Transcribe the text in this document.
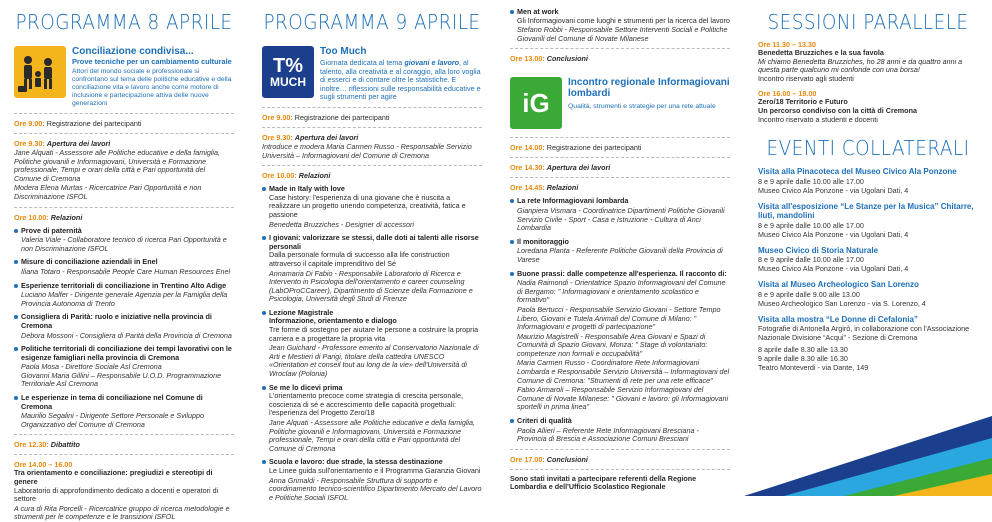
PROGRAMMA 8 APRILE
Conciliazione condivisa...
Prove tecniche per un cambiamento culturale
Attori del mondo sociale e professionale si confrontano sul tema delle politiche educative e della conciliazione vita e lavoro anche come motore di inclusione e partecipazione attiva delle nuove generazioni
Ore 9.00: Registrazione dei partecipanti
Ore 9.30: Apertura dei lavori
Jane Alquati - Assessore alle Politiche educative e della famiglia, Politiche giovanili e Informagiovani, Università e Formazione professionale, Tempi e orari della città e Pari opportunità del Comune di Cremona
Modera Elena Murtas - Ricercatrice Pari Opportunità e non Discriminazione ISFOL
Ore 10.00: Relazioni
Prove di paternità
Valeria Viale - Collaboratore tecnico di ricerca Pari Opportunità e non Discriminazione ISFOL
Misure di conciliazione aziendali in Enel
Iliana Totaro - Responsabile People Care Human Resources Enel
Esperienze territoriali di conciliazione in Trentino Alto Adige
Luciano Malfer - Dirigente generale Agenzia per la Famiglia della Provincia Autonoma di Trento
Consigliera di Parità: ruolo e iniziative nella provincia di Cremona
Debora Mossoni - Consigliera di Parità della Provincia di Cremona
Politiche territoriali di conciliazione dei tempi lavorativi con le esigenze famigliari nella provincia di Cremona
Paola Mosa - Direttore Sociale Asl Cremona
Giovanni Maria Gillini – Responsabile U.O.D. Programmazione Territoriale Asl Cremona
Le esperienze in tema di conciliazione nel Comune di Cremona
Maurilio Segalini - Dirigente Settore Personale e Sviluppo Organizzativo del Comune di Cremona
Ore 12.30: Dibattito
Ore 14.00 – 16.00
Tra orientamento e conciliazione: pregiudizi e stereotipi di genere
Laboratorio di approfondimento dedicato a docenti e operatori di settore
A cura di Rita Porcelli - Ricercatrice gruppo di ricerca metodologie e strumenti per le competenze e le transizioni ISFOL
PROGRAMMA 9 APRILE
T%
MUCH
Too Much
Giornata dedicata al tema giovani e lavoro, al talento, alla creatività e al coraggio, alla loro voglia di esserci e di contare oltre le statistiche. E inoltre… riflessioni sulle responsabilità educative e sugli strumenti per agire
Ore 9.00: Registrazione dei partecipanti
Ore 9.30: Apertura dei lavori
Introduce e modera Maria Carmen Russo - Responsabile Servizio Università – Informagiovani del Comune di Cremona
Ore 10.00: Relazioni
Made in Italy with love
Case history: l'esperienza di una giovane che è riuscita a realizzare un progetto unendo competenza, creatività, fatica e passione
Benedetta Bruzziches - Designer di accessori
I giovani: valorizzare se stessi, dalle doti ai talenti alle risorse personali
Dalla personale formula di successo alla life construction attraverso il capitale imprenditivo del Sé
Annamaria Di Fabio - Responsabile Laboratorio di Ricerca e Intervento in Psicologia dell'orientamento e career counseling (LabOProCCareer), Dipartimento di Scienze della Formazione e Psicologia, Università degli Studi di Firenze
Lezione Magistrale
Informazione, orientamento e dialogo
Tre forme di sostegno per aiutare le persone a costruire la propria carriera e a progettare la propria vita
Jean Guichard - Professore emerito al Conservatorio Nazionale di Arti e Mestieri di Parigi, titolare della cattedra UNESCO «Orientation et conseil tout au long de la vie» dell'Università di Wroclaw (Polonia)
Se me lo dicevi prima
L'orientamento precoce come strategia di crescita personale, coscienza di sé e accrescimento delle capacità progettuali: l'esperienza del Progetto Zero/18
Jane Alquati - Assessore alle Politiche educative e della famiglia, Politiche giovanili e Informagiovani, Università e Formazione professionale, Tempi e orari della città e Pari opportunità del Comune di Cremona
Scuola e lavoro: due strade, la stessa destinazione
Le Linee guida sull'orientamento e il Programma Garanzia Giovani
Anna Grimaldi - Responsabile Struttura di supporto e coordinamento tecnico-scientifico Dipartimento Mercato del Lavoro e Politiche Sociali ISFOL
Men at work
Gli Informagiovani come luoghi e strumenti per la ricerca del lavoro
Stefano Robbi - Responsabile Settore Interventi Sociali e Politiche Giovanili del Comune di Novate Milanese
Ore 13.00: Conclusioni
iG
Incontro regionale Informagiovani lombardi
Qualità, strumenti e strategie per una rete attuale
Ore 14.00: Registrazione dei partecipanti
Ore 14.30: Apertura dei lavori
Ore 14.45: Relazioni
La rete Informagiovani lombarda
Gianpiera Vismara - Coordinatrice Dipartimenti Politiche Giovanili Servizio Civile - Sport - Casa e Istruzione - Cultura di Anci Lombardia
Il monitoraggio
Loredana Planta - Referente Politiche Giovanili della Provincia di Varese
Buone prassi: dalle competenze all'esperienza. Il racconto di:
Nadia Raimondi - Orientatrice Spazio Informagiovani del Comune di Bergamo: " Informagiovani e orientamento scolastico e formativo"
Paola Bertucci - Responsabile Servizio Giovani - Settore Tempo Libero, Giovani e Tutela Animali del Comune di Milano: " Informagiovani e progetti di partecipazione"
Maurizio Magistrelli - Responsabile Area Giovani e Spazi di Comunità di Spazio Giovani, Monza: " Stage di volontariato: competenze non formali e occupabilità"
Maria Carmen Russo - Coordinatore Rete Informagiovani Lombarda e Responsabile Servizio Università – Informagiovani del Comune di Cremona: "Strumenti di rete per una rete efficace"
Fabio Armaroli – Responsabile Servizio Informagiovani del Comune di Novate Milanese: " Giovani e lavoro: gli Informagiovani sportelli in prima linea"
Criteri di qualità
Paola Allieri – Referente Rete Informagiovani Bresciana - Provincia di Brescia e Associazione Comuni Bresciani
Ore 17.00: Conclusioni
Sono stati invitati a partecipare referenti della Regione Lombardia e dell'Ufficio Scolastico Regionale
SESSIONI PARALLELE
Ore 11.30 – 13.30
Benedetta Bruzziches e la sua favola
Mi chiamo Benedetta Bruzziches, ho 28 anni e da quattro anni a questa parte qualcuno mi confonde con una borsa!
Incontro riservato agli studenti
Ore 16.00 – 18.00
Zero/18 Territorio e Futuro
Un percorso condiviso con la città di Cremona
Incontro riservato a studenti e docenti
EVENTI COLLATERALI
Visita alla Pinacoteca del Museo Civico Ala Ponzone
8 e 9 aprile dalle 10.00 alle 17.00
Museo Civico Ala Ponzone - via Ugolani Dati, 4
Visita all'esposizione “Le Stanze per la Musica” Chitarre, liuti, mandolini
8 e 9 aprile dalle 10.00 alle 17.00
Museo Civico Ala Ponzone - via Ugolani Dati, 4
Museo Civico di Storia Naturale
8 e 9 aprile dalle 10.00 alle 17.00
Museo Civico Ala Ponzone - via Ugolani Dati, 4
Visita al Museo Archeologico San Lorenzo
8 e 9 aprile dalle 9.00 alle 13.00
Museo Archeologico San Lorenzo - via S. Lorenzo, 4
Visita alla mostra “Le Donne di Cefalonia”
Fotografie di Antonella Argirò, in collaborazione con l'Associazione Nazionale Divisione “Acqui” - Sezione di Cremona
8 aprile dalle 8.30 alle 13.30
9 aprile dalle 8.30 alle 16.30
Teatro Monteverdi - via Dante, 149
